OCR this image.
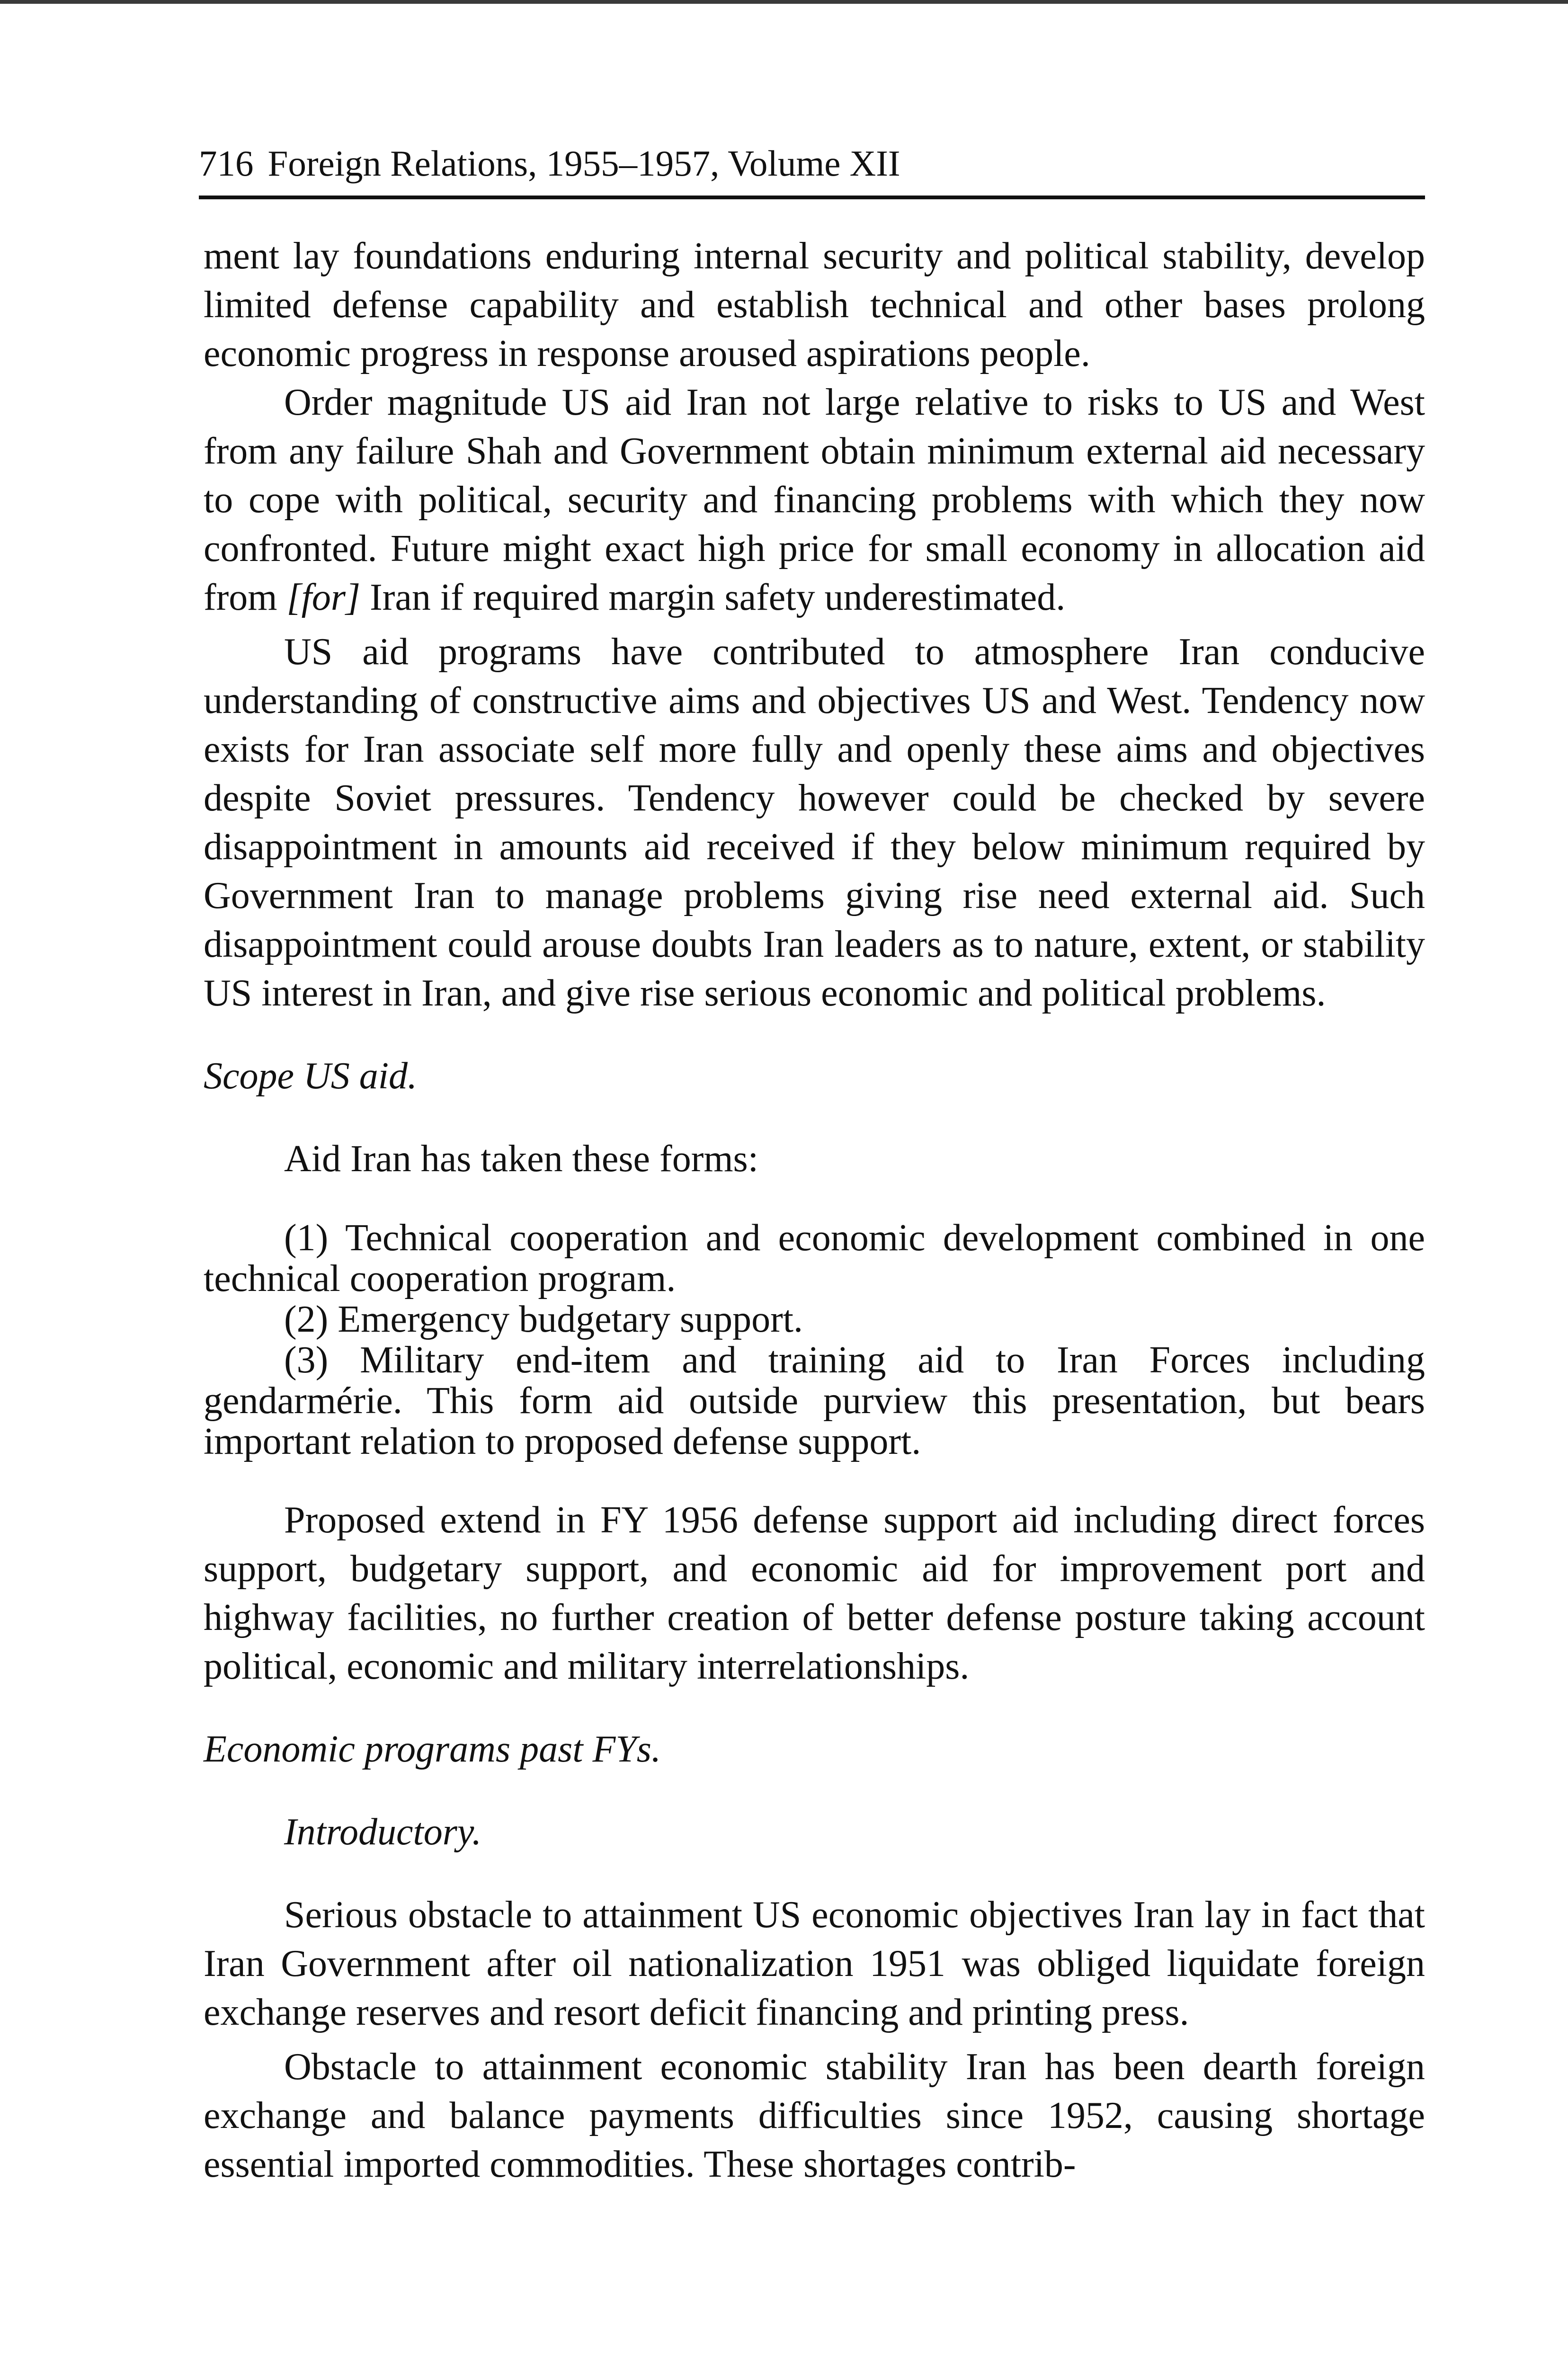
716 Foreign Relations, 1955–1957, Volume XII

ment lay foundations enduring internal security and political stability, develop limited defense capability and establish technical and other bases prolong economic progress in response aroused aspirations people.

Order magnitude US aid Iran not large relative to risks to US and West from any failure Shah and Government obtain minimum external aid necessary to cope with political, security and financing problems with which they now confronted. Future might exact high price for small economy in allocation aid from [for] Iran if required margin safety underestimated.

US aid programs have contributed to atmosphere Iran conducive understanding of constructive aims and objectives US and West. Tendency now exists for Iran associate self more fully and openly these aims and objectives despite Soviet pressures. Tendency however could be checked by severe disappointment in amounts aid received if they below minimum required by Government Iran to manage problems giving rise need external aid. Such disappointment could arouse doubts Iran leaders as to nature, extent, or stability US interest in Iran, and give rise serious economic and political problems.

Scope US aid.

Aid Iran has taken these forms:

(1) Technical cooperation and economic development combined in one technical cooperation program.

(2) Emergency budgetary support.

(3) Military end-item and training aid to Iran Forces including gendarmérie. This form aid outside purview this presentation, but bears important relation to proposed defense support.

Proposed extend in FY 1956 defense support aid including direct forces support, budgetary support, and economic aid for improvement port and highway facilities, no further creation of better defense posture taking account political, economic and military interrelationships.

Economic programs past FYs.

Introductory.

Serious obstacle to attainment US economic objectives Iran lay in fact that Iran Government after oil nationalization 1951 was obliged liquidate foreign exchange reserves and resort deficit financing and printing press.

Obstacle to attainment economic stability Iran has been dearth foreign exchange and balance payments difficulties since 1952, causing shortage essential imported commodities. These shortages contrib-
